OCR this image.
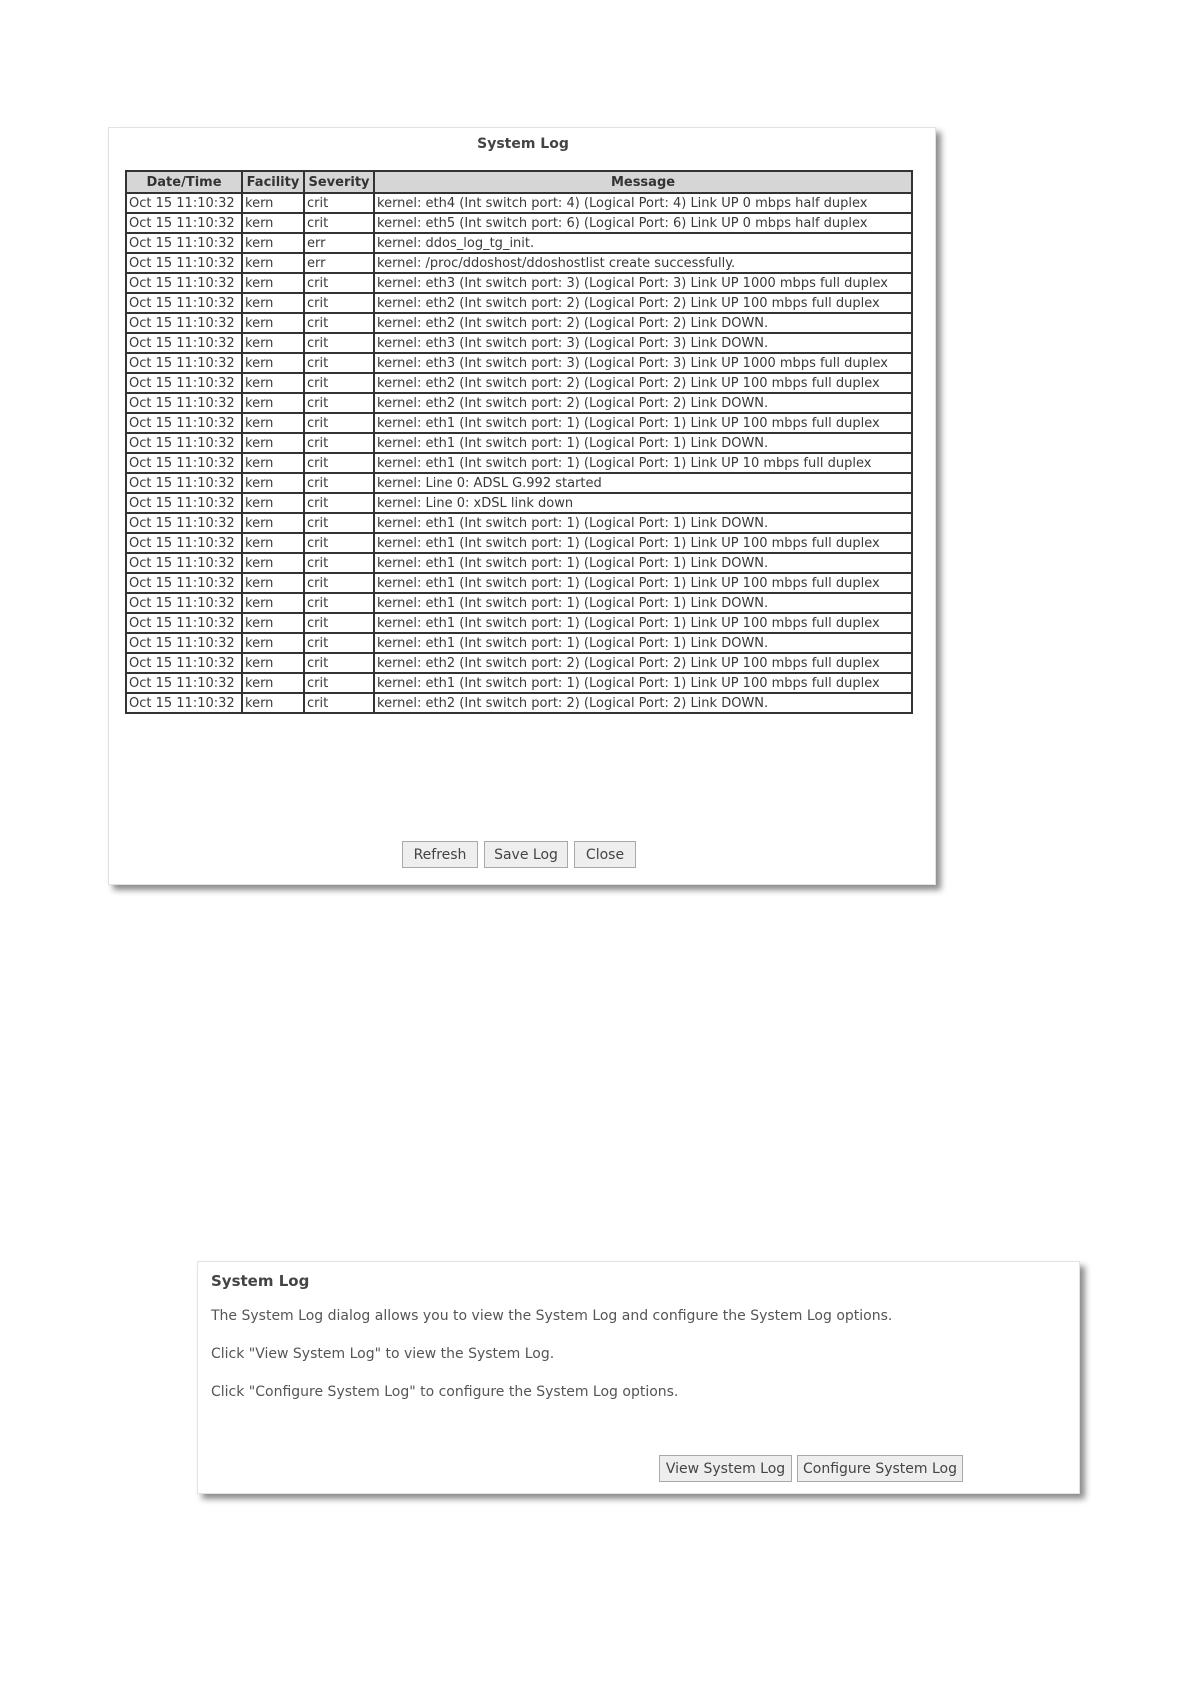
System Log
Date/Time	Facility	Severity	Message
Oct 15 11:10:32	kern	crit	kernel: eth4 (Int switch port: 4) (Logical Port: 4) Link UP 0 mbps half duplex
Oct 15 11:10:32	kern	crit	kernel: eth5 (Int switch port: 6) (Logical Port: 6) Link UP 0 mbps half duplex
Oct 15 11:10:32	kern	err	kernel: ddos_log_tg_init.
Oct 15 11:10:32	kern	err	kernel: /proc/ddoshost/ddoshostlist create successfully.
Oct 15 11:10:32	kern	crit	kernel: eth3 (Int switch port: 3) (Logical Port: 3) Link UP 1000 mbps full duplex
Oct 15 11:10:32	kern	crit	kernel: eth2 (Int switch port: 2) (Logical Port: 2) Link UP 100 mbps full duplex
Oct 15 11:10:32	kern	crit	kernel: eth2 (Int switch port: 2) (Logical Port: 2) Link DOWN.
Oct 15 11:10:32	kern	crit	kernel: eth3 (Int switch port: 3) (Logical Port: 3) Link DOWN.
Oct 15 11:10:32	kern	crit	kernel: eth3 (Int switch port: 3) (Logical Port: 3) Link UP 1000 mbps full duplex
Oct 15 11:10:32	kern	crit	kernel: eth2 (Int switch port: 2) (Logical Port: 2) Link UP 100 mbps full duplex
Oct 15 11:10:32	kern	crit	kernel: eth2 (Int switch port: 2) (Logical Port: 2) Link DOWN.
Oct 15 11:10:32	kern	crit	kernel: eth1 (Int switch port: 1) (Logical Port: 1) Link UP 100 mbps full duplex
Oct 15 11:10:32	kern	crit	kernel: eth1 (Int switch port: 1) (Logical Port: 1) Link DOWN.
Oct 15 11:10:32	kern	crit	kernel: eth1 (Int switch port: 1) (Logical Port: 1) Link UP 10 mbps full duplex
Oct 15 11:10:32	kern	crit	kernel: Line 0: ADSL G.992 started
Oct 15 11:10:32	kern	crit	kernel: Line 0: xDSL link down
Oct 15 11:10:32	kern	crit	kernel: eth1 (Int switch port: 1) (Logical Port: 1) Link DOWN.
Oct 15 11:10:32	kern	crit	kernel: eth1 (Int switch port: 1) (Logical Port: 1) Link UP 100 mbps full duplex
Oct 15 11:10:32	kern	crit	kernel: eth1 (Int switch port: 1) (Logical Port: 1) Link DOWN.
Oct 15 11:10:32	kern	crit	kernel: eth1 (Int switch port: 1) (Logical Port: 1) Link UP 100 mbps full duplex
Oct 15 11:10:32	kern	crit	kernel: eth1 (Int switch port: 1) (Logical Port: 1) Link DOWN.
Oct 15 11:10:32	kern	crit	kernel: eth1 (Int switch port: 1) (Logical Port: 1) Link UP 100 mbps full duplex
Oct 15 11:10:32	kern	crit	kernel: eth1 (Int switch port: 1) (Logical Port: 1) Link DOWN.
Oct 15 11:10:32	kern	crit	kernel: eth2 (Int switch port: 2) (Logical Port: 2) Link UP 100 mbps full duplex
Oct 15 11:10:32	kern	crit	kernel: eth1 (Int switch port: 1) (Logical Port: 1) Link UP 100 mbps full duplex
Oct 15 11:10:32	kern	crit	kernel: eth2 (Int switch port: 2) (Logical Port: 2) Link DOWN.
Refresh	Save Log	Close
System Log
The System Log dialog allows you to view the System Log and configure the System Log options.
Click "View System Log" to view the System Log.
Click "Configure System Log" to configure the System Log options.
View System Log	Configure System Log
